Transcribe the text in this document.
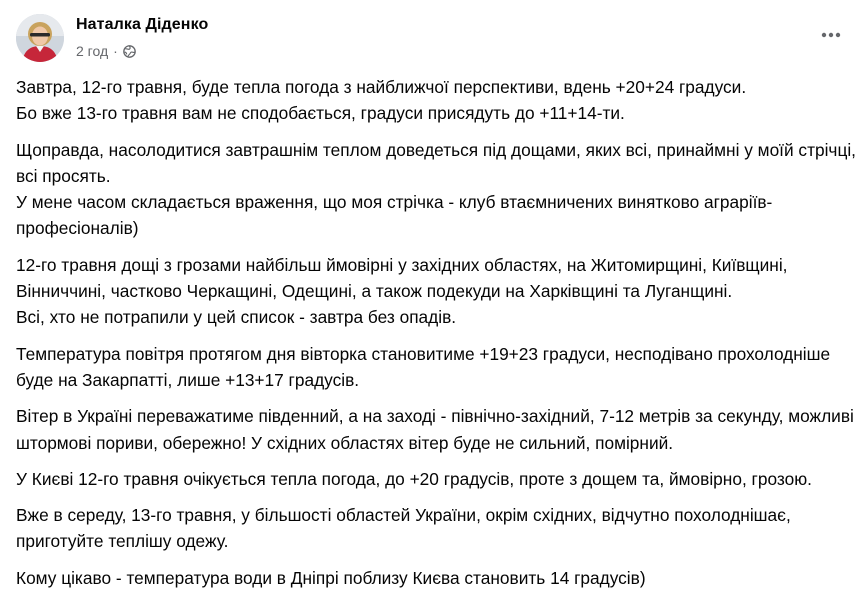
Наталка Діденко
2 год ·

Завтра, 12-го травня, буде тепла погода з найближчої перспективи, вдень +20+24 градуси.
Бо вже 13-го травня вам не сподобається, градуси присядуть до +11+14-ти.

Щоправда, насолодитися завтрашнім теплом доведеться під дощами, яких всі, принаймні у моїй стрічці, всі просять.
У мене часом складається враження, що моя стрічка - клуб втаємничених винятково аграріїв-професіоналів)

12-го травня дощі з грозами найбільш ймовірні у західних областях, на Житомирщині, Київщині, Вінниччині, частково Черкащині, Одещині, а також подекуди на Харківщині та Луганщині.
Всі, хто не потрапили у цей список - завтра без опадів.

Температура повітря протягом дня вівторка становитиме +19+23 градуси, несподівано прохолодніше буде на Закарпатті, лише +13+17 градусів.

Вітер в Україні переважатиме південний, а на заході - північно-західний, 7-12 метрів за секунду, можливі штормові пориви, обережно! У східних областях вітер буде не сильний, помірний.

У Києві 12-го травня очікується тепла погода, до +20 градусів, проте з дощем та, ймовірно, грозою.

Вже в середу, 13-го травня, у більшості областей України, окрім східних, відчутно похолоднішає, приготуйте теплішу одежу.

Кому цікаво - температура води в Дніпрі поблизу Києва становить 14 градусів)
